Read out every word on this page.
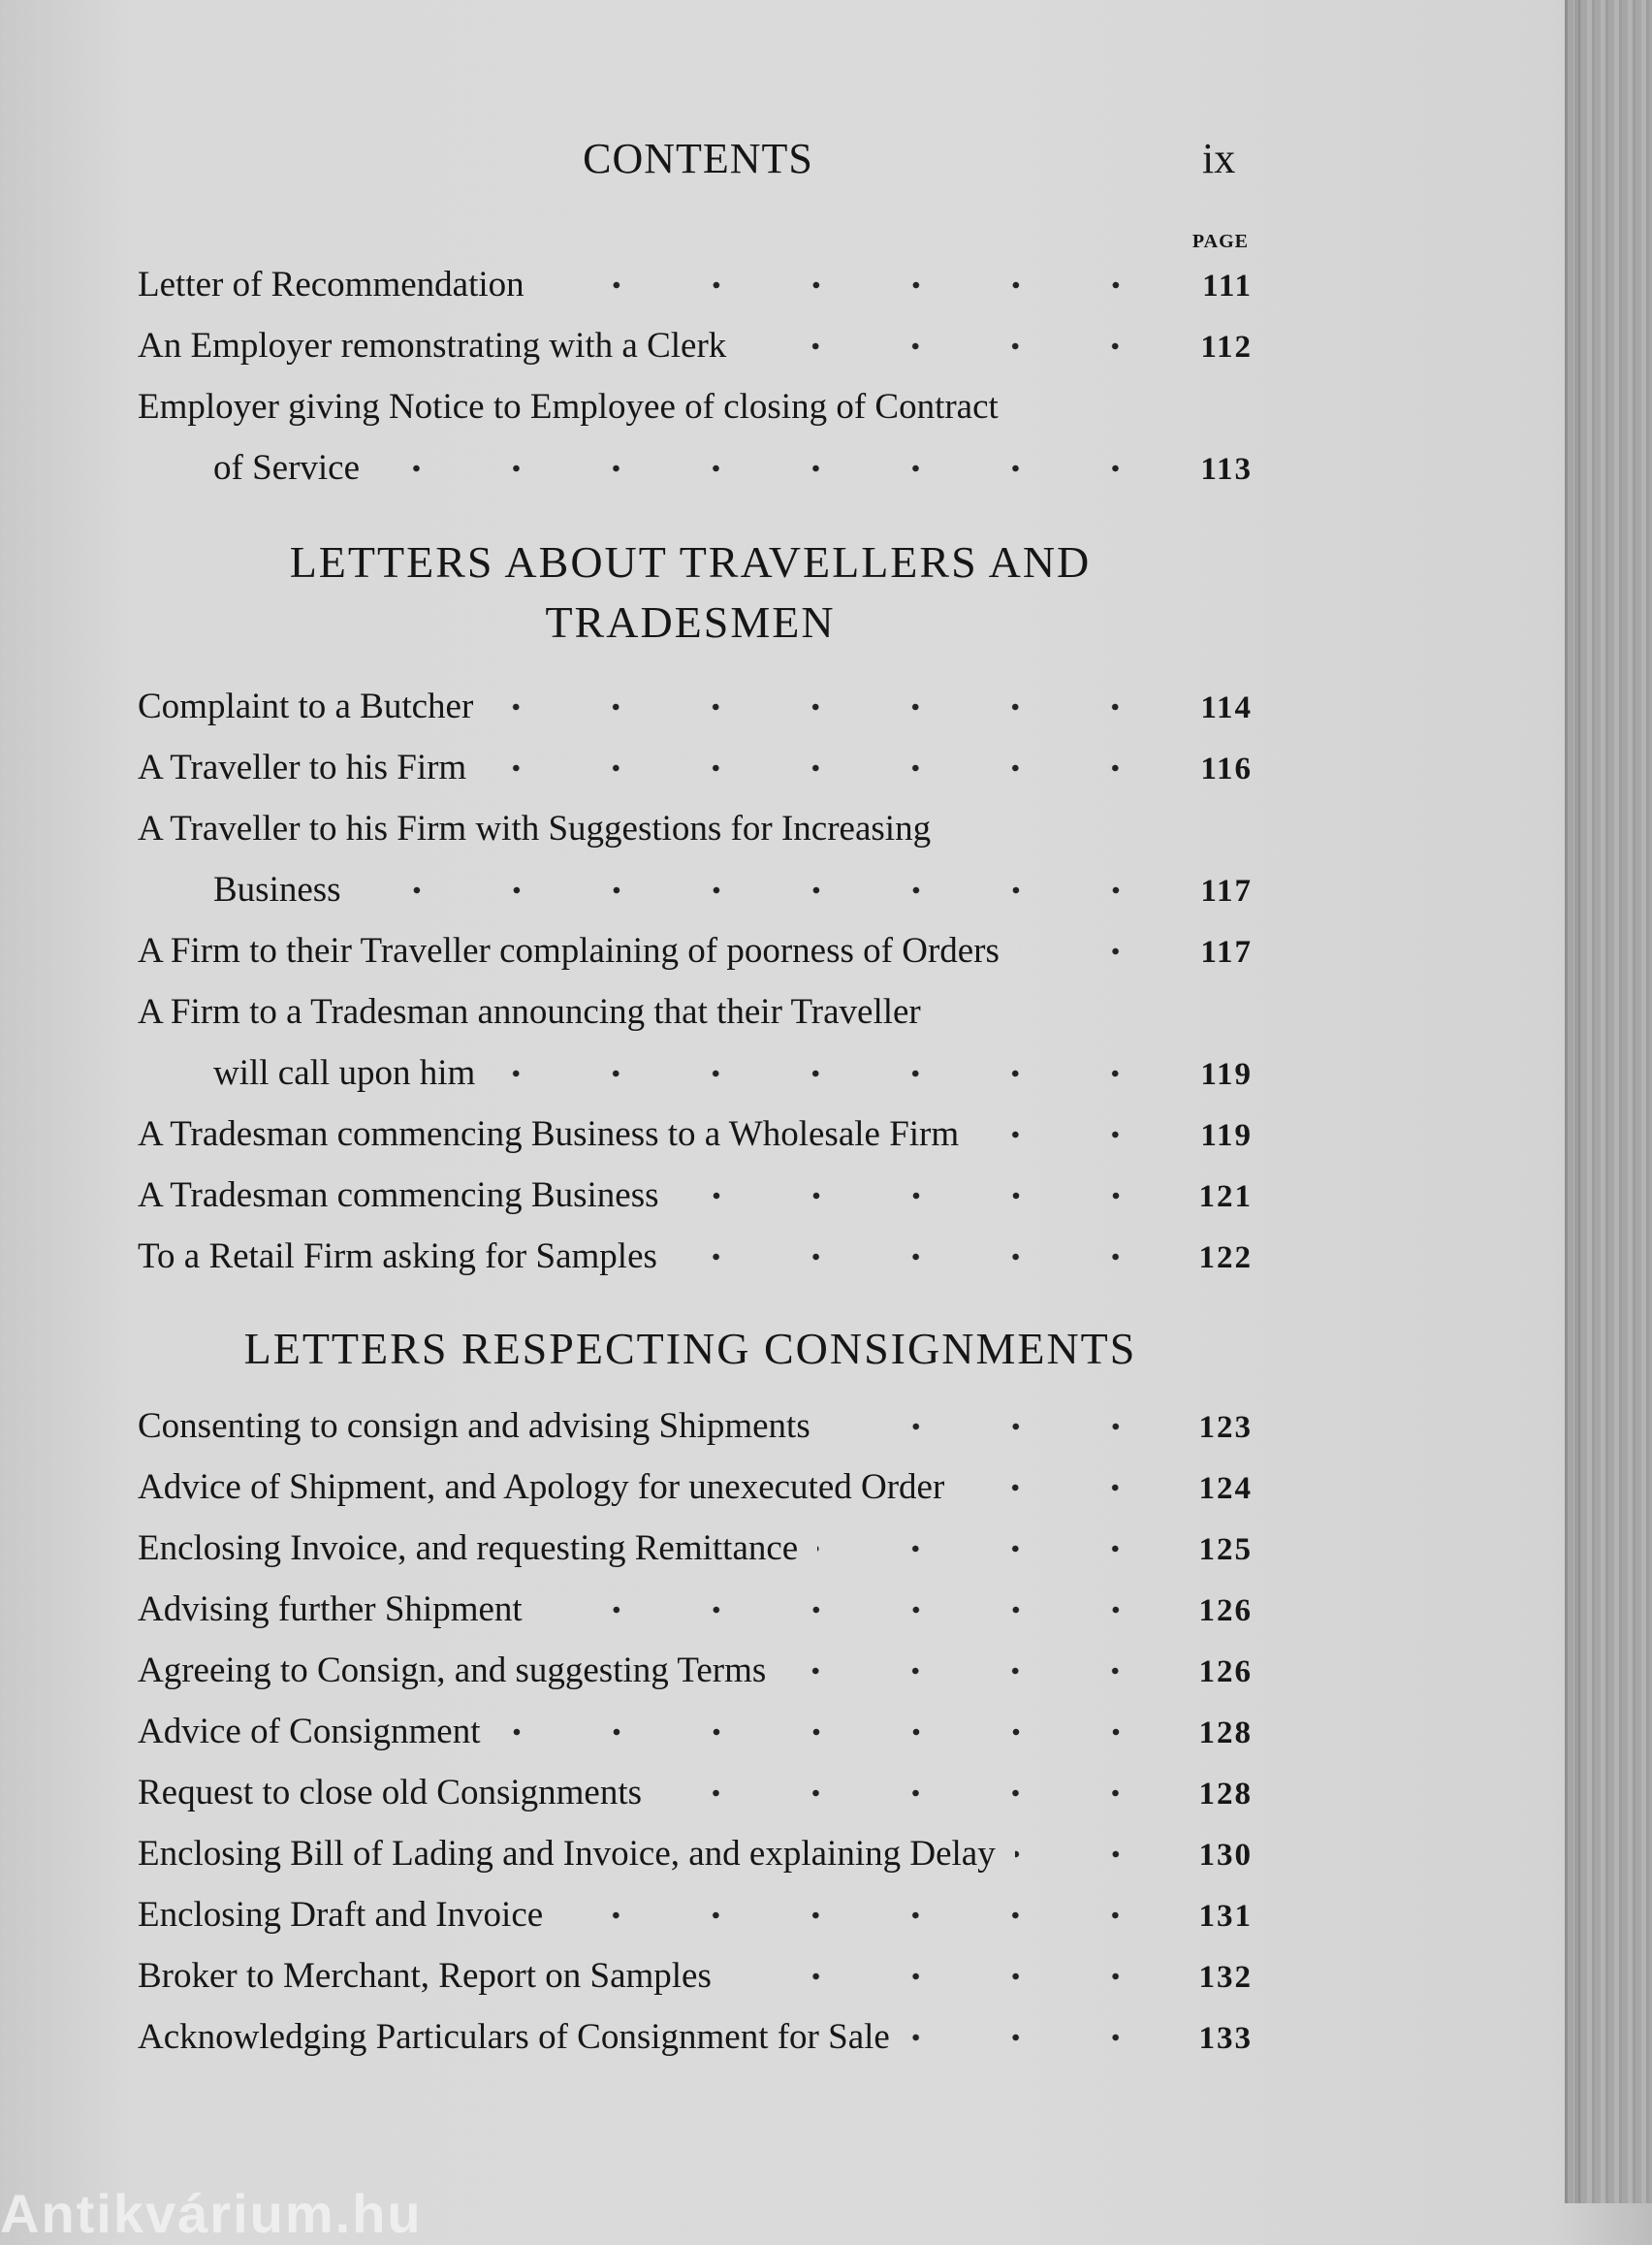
CONTENTS	ix
PAGE
Letter of Recommendation	111
An Employer remonstrating with a Clerk	112
Employer giving Notice to Employee of closing of Contract
of Service	113
LETTERS ABOUT TRAVELLERS AND
TRADESMEN
Complaint to a Butcher	114
A Traveller to his Firm	116
A Traveller to his Firm with Suggestions for Increasing
Business	117
A Firm to their Traveller complaining of poorness of Orders	117
A Firm to a Tradesman announcing that their Traveller
will call upon him	119
A Tradesman commencing Business to a Wholesale Firm	119
A Tradesman commencing Business	121
To a Retail Firm asking for Samples	122
LETTERS RESPECTING CONSIGNMENTS
Consenting to consign and advising Shipments	123
Advice of Shipment, and Apology for unexecuted Order	124
Enclosing Invoice, and requesting Remittance	125
Advising further Shipment	126
Agreeing to Consign, and suggesting Terms	126
Advice of Consignment	128
Request to close old Consignments	128
Enclosing Bill of Lading and Invoice, and explaining Delay	130
Enclosing Draft and Invoice	131
Broker to Merchant, Report on Samples	132
Acknowledging Particulars of Consignment for Sale	133
Antikvárium.hu
